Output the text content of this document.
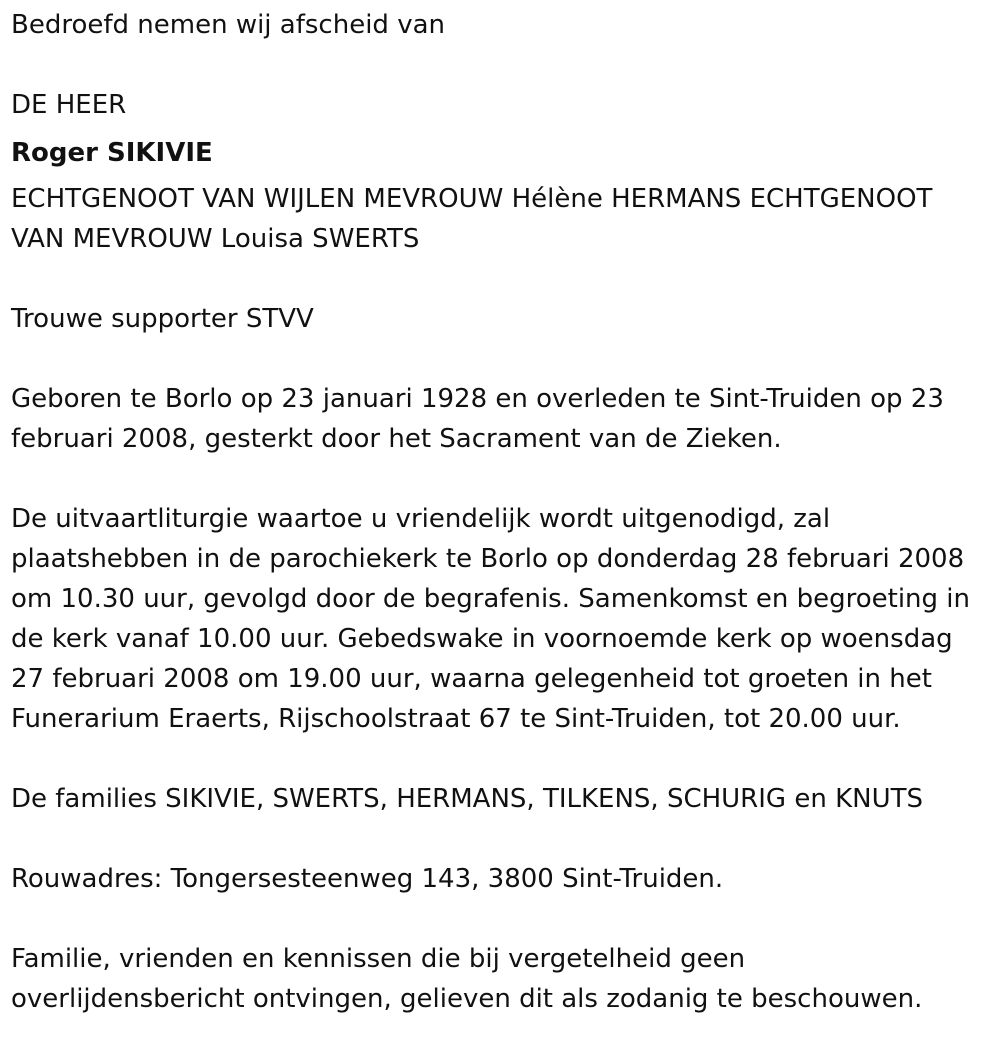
Bedroefd nemen wij afscheid van

DE HEER

Roger SIKIVIE

ECHTGENOOT VAN WIJLEN MEVROUW Hélène HERMANS ECHTGENOOT

VAN MEVROUW Louisa SWERTS

Trouwe supporter STVV

Geboren te Borlo op 23 januari 1928 en overleden te Sint-Truiden op 23

februari 2008, gesterkt door het Sacrament van de Zieken.

De uitvaartliturgie waartoe u vriendelijk wordt uitgenodigd, zal

plaatshebben in de parochiekerk te Borlo op donderdag 28 februari 2008

om 10.30 uur, gevolgd door de begrafenis. Samenkomst en begroeting in

de kerk vanaf 10.00 uur. Gebedswake in voornoemde kerk op woensdag

27 februari 2008 om 19.00 uur, waarna gelegenheid tot groeten in het

Funerarium Eraerts, Rijschoolstraat 67 te Sint-Truiden, tot 20.00 uur.

De families SIKIVIE, SWERTS, HERMANS, TILKENS, SCHURIG en KNUTS

Rouwadres: Tongersesteenweg 143, 3800 Sint-Truiden.

Familie, vrienden en kennissen die bij vergetelheid geen

overlijdensbericht ontvingen, gelieven dit als zodanig te beschouwen.
